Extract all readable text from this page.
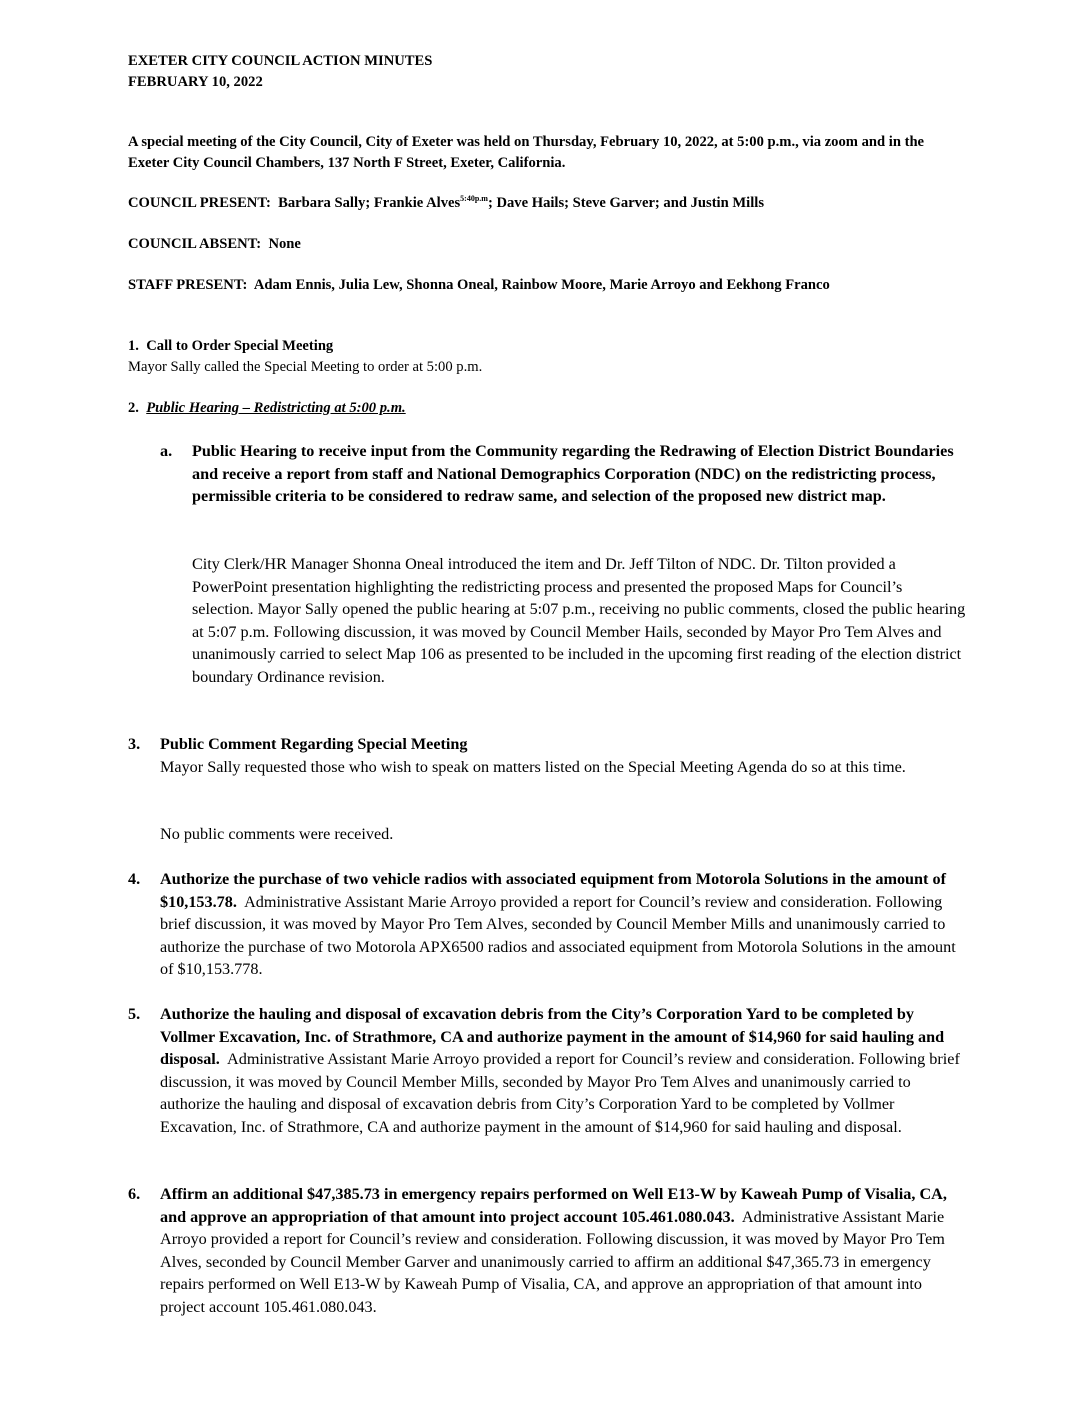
EXETER CITY COUNCIL ACTION MINUTES
FEBRUARY 10, 2022
A special meeting of the City Council, City of Exeter was held on Thursday, February 10, 2022, at 5:00 p.m., via zoom and in the Exeter City Council Chambers, 137 North F Street, Exeter, California.
COUNCIL PRESENT: Barbara Sally; Frankie Alves$^{5:40p.m}$; Dave Hails; Steve Garver; and Justin Mills
COUNCIL ABSENT: None
STAFF PRESENT: Adam Ennis, Julia Lew, Shonna Oneal, Rainbow Moore, Marie Arroyo and Eekhong Franco
1. Call to Order Special Meeting
Mayor Sally called the Special Meeting to order at 5:00 p.m.
2. Public Hearing – Redistricting at 5:00 p.m.
a. Public Hearing to receive input from the Community regarding the Redrawing of Election District Boundaries and receive a report from staff and National Demographics Corporation (NDC) on the redistricting process, permissible criteria to be considered to redraw same, and selection of the proposed new district map.
City Clerk/HR Manager Shonna Oneal introduced the item and Dr. Jeff Tilton of NDC. Dr. Tilton provided a PowerPoint presentation highlighting the redistricting process and presented the proposed Maps for Council’s selection. Mayor Sally opened the public hearing at 5:07 p.m., receiving no public comments, closed the public hearing at 5:07 p.m. Following discussion, it was moved by Council Member Hails, seconded by Mayor Pro Tem Alves and unanimously carried to select Map 106 as presented to be included in the upcoming first reading of the election district boundary Ordinance revision.
3. Public Comment Regarding Special Meeting
Mayor Sally requested those who wish to speak on matters listed on the Special Meeting Agenda do so at this time.
No public comments were received.
4. Authorize the purchase of two vehicle radios with associated equipment from Motorola Solutions in the amount of $10,153.78. Administrative Assistant Marie Arroyo provided a report for Council’s review and consideration. Following brief discussion, it was moved by Mayor Pro Tem Alves, seconded by Council Member Mills and unanimously carried to authorize the purchase of two Motorola APX6500 radios and associated equipment from Motorola Solutions in the amount of $10,153.778.
5. Authorize the hauling and disposal of excavation debris from the City’s Corporation Yard to be completed by Vollmer Excavation, Inc. of Strathmore, CA and authorize payment in the amount of $14,960 for said hauling and disposal. Administrative Assistant Marie Arroyo provided a report for Council’s review and consideration. Following brief discussion, it was moved by Council Member Mills, seconded by Mayor Pro Tem Alves and unanimously carried to authorize the hauling and disposal of excavation debris from City’s Corporation Yard to be completed by Vollmer Excavation, Inc. of Strathmore, CA and authorize payment in the amount of $14,960 for said hauling and disposal.
6. Affirm an additional $47,385.73 in emergency repairs performed on Well E13-W by Kaweah Pump of Visalia, CA, and approve an appropriation of that amount into project account 105.461.080.043. Administrative Assistant Marie Arroyo provided a report for Council’s review and consideration. Following discussion, it was moved by Mayor Pro Tem Alves, seconded by Council Member Garver and unanimously carried to affirm an additional $47,365.73 in emergency repairs performed on Well E13-W by Kaweah Pump of Visalia, CA, and approve an appropriation of that amount into project account 105.461.080.043.
